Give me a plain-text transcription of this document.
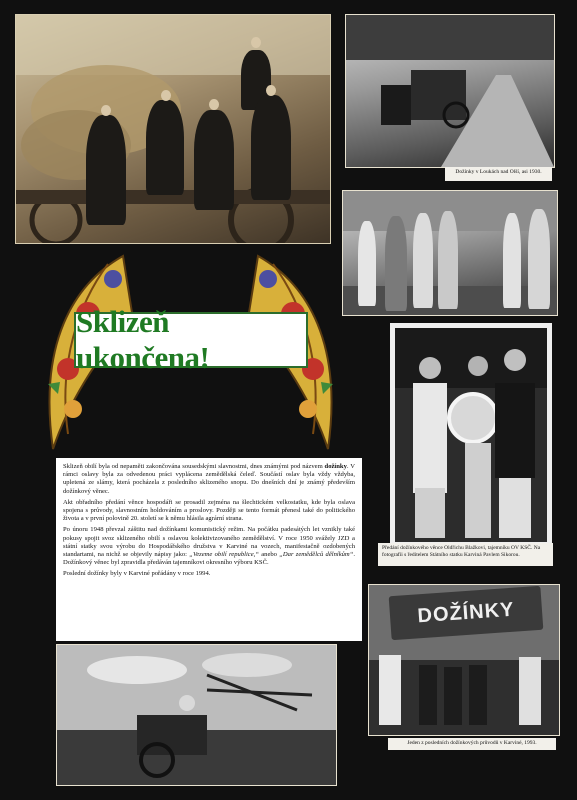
Dožínky v Loukách nad Olší, asi 1930.
Předání dožínkového věnce Oldřichu Blažkovi, tajemníku OV KSČ. Na fotografii s ředitelem Státního statku Karviná Pavlem Sikorou.
Sklizeň ukončena!

Sklizeň obilí byla od nepaměti zakončována sousedskými slavnostmi, dnes známými pod názvem dožínky. V rámci oslavy byla za odvedenou práci vyplácena zemědělská čeleď. Součástí oslav byla vždy vždyba, upletená ze slámy, která pocházela z posledního sklizeného snopu. Do dnešních dní je známý především dožínkový věnec.

Akt obřadního předání věnce hospodáři se prosadil zejména na šlechtickém velkostatku, kde byla oslava spojena s průvody, slavnostním holdováním a proslovy. Později se tento formát přenesl také do politického života a v první polovině 20. století se k němu hlásila agrární strana.

Po únoru 1948 převzal záštitu nad dožínkami komunistický režim. Na počátku padesátých let vznikly také pokusy spojit svoz sklizeného obilí s oslavou kolektivizovaného zemědělství. V roce 1950 svážely JZD a státní statky svou výrobu do Hospodářského družstva v Karviné na vozech, manifestačně ozdobených standartami, na nichž se objevily nápisy jako: „Vezeme obilí republice,“ anebo „Dar zemědělců dělníkům“. Dožínkový věnec byl zpravidla předáván tajemníkovi okresního výboru KSČ.

Poslední dožínky byly v Karviné pořádány v roce 1994.

DOŽÍNKY
Jeden z posledních dožínkových průvodů v Karviné, 1993.
